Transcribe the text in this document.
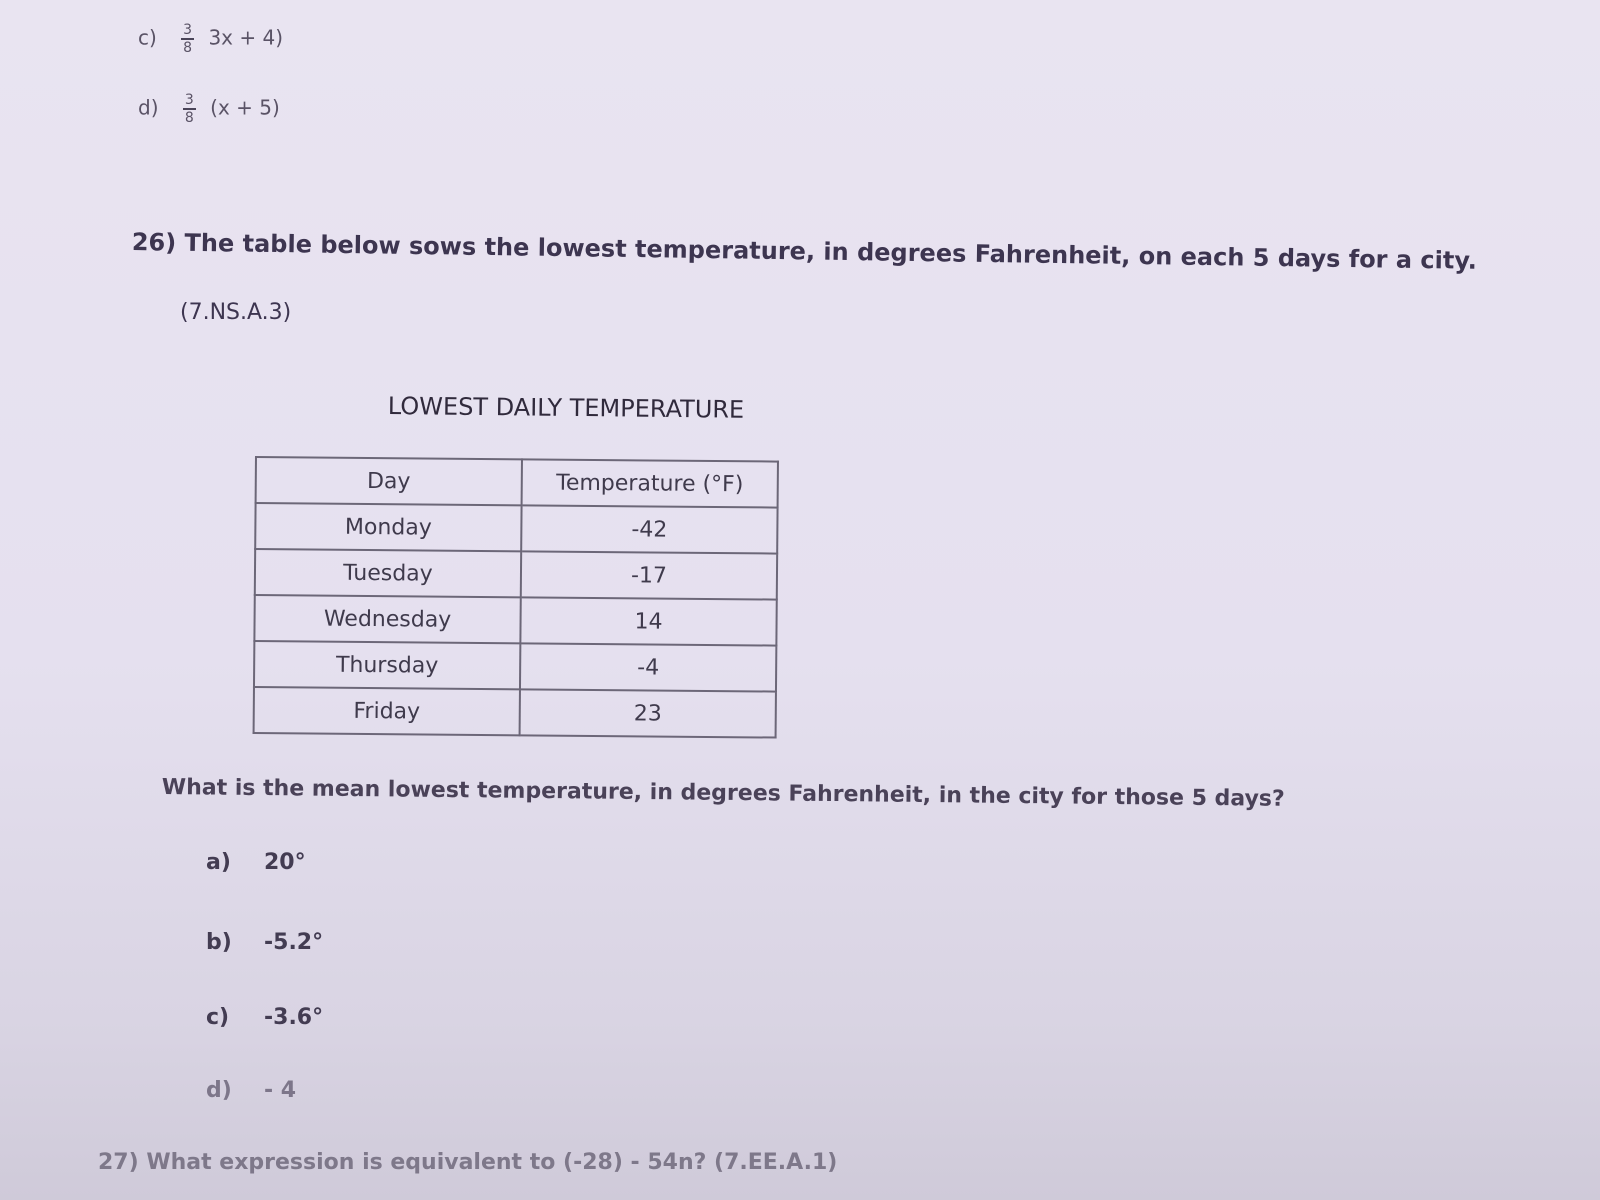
$c) \frac{3}{8} 3x + 4$)
$d) \frac{3}{8} (x + 5)$
26) The table below sows the lowest temperature, in degrees Fahrenheit, on each 5 days for a city.
(7.NS.A.3)
LOWEST DAILY TEMPERATURE
Day	Temperature (°F)
Monday	-42
Tuesday	-17
Wednesday	14
Thursday	-4
Friday	23
What is the mean lowest temperature, in degrees Fahrenheit, in the city for those 5 days?
a) 20°
b) -5.2°
c) -3.6°
d) - 4
27) What expression is equivalent to (-28) - 54n? (7.EE.A.1)
